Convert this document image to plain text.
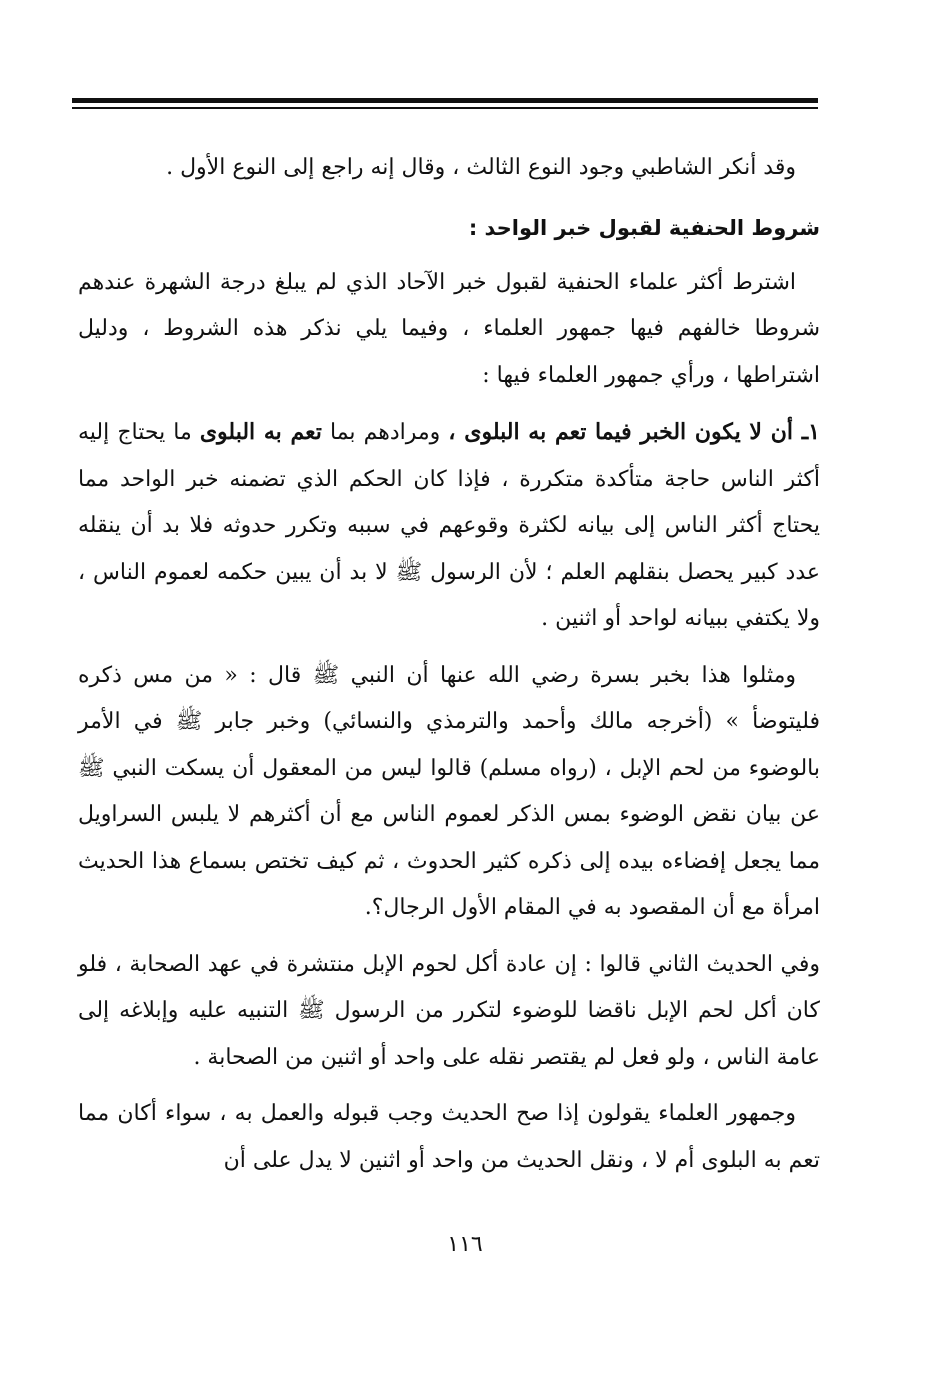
وقد أنكر الشاطبي وجود النوع الثالث ، وقال إنه راجع إلى النوع الأول .

شروط الحنفية لقبول خبر الواحد :

اشترط أكثر علماء الحنفية لقبول خبر الآحاد الذي لم يبلغ درجة الشهرة عندهم شروطا خالفهم فيها جمهور العلماء ، وفيما يلي نذكر هذه الشروط ، ودليل اشتراطها ، ورأي جمهور العلماء فيها :

١ـ أن لا يكون الخبر فيما تعم به البلوى ، ومرادهم بما تعم به البلوى ما يحتاج إليه أكثر الناس حاجة متأكدة متكررة ، فإذا كان الحكم الذي تضمنه خبر الواحد مما يحتاج أكثر الناس إلى بيانه لكثرة وقوعهم في سببه وتكرر حدوثه فلا بد أن ينقله عدد كبير يحصل بنقلهم العلم ؛ لأن الرسول ﷺ لا بد أن يبين حكمه لعموم الناس ، ولا يكتفي ببيانه لواحد أو اثنين .

ومثلوا هذا بخبر بسرة رضي الله عنها أن النبي ﷺ قال : « من مس ذكره فليتوضأ » (أخرجه مالك وأحمد والترمذي والنسائي) وخبر جابر ﷺ في الأمر بالوضوء من لحم الإبل ، (رواه مسلم) قالوا ليس من المعقول أن يسكت النبي ﷺ عن بيان نقض الوضوء بمس الذكر لعموم الناس مع أن أكثرهم لا يلبس السراويل مما يجعل إفضاءه بيده إلى ذكره كثير الحدوث ، ثم كيف تختص بسماع هذا الحديث امرأة مع أن المقصود به في المقام الأول الرجال؟.

وفي الحديث الثاني قالوا : إن عادة أكل لحوم الإبل منتشرة في عهد الصحابة ، فلو كان أكل لحم الإبل ناقضا للوضوء لتكرر من الرسول ﷺ التنبيه عليه وإبلاغه إلى عامة الناس ، ولو فعل لم يقتصر نقله على واحد أو اثنين من الصحابة .

وجمهور العلماء يقولون إذا صح الحديث وجب قبوله والعمل به ، سواء أكان مما تعم به البلوى أم لا ، ونقل الحديث من واحد أو اثنين لا يدل على أن

١١٦
